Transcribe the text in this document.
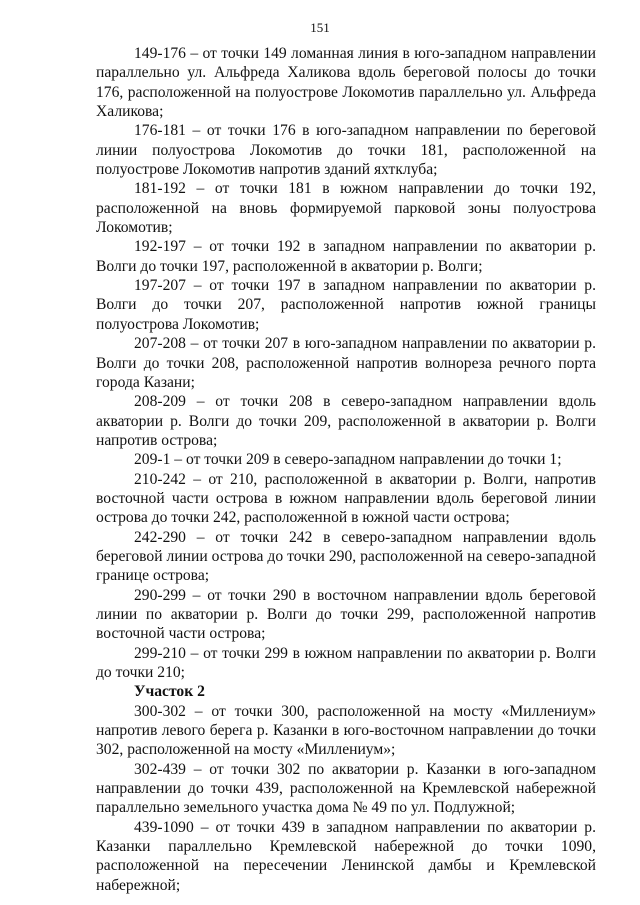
151

149-176 – от точки 149 ломанная линия в юго-западном направлении параллельно ул. Альфреда Халикова вдоль береговой полосы до точки 176, расположенной на полуострове Локомотив параллельно ул. Альфреда Халикова;

176-181 – от точки 176 в юго-западном направлении по береговой линии полуострова Локомотив до точки 181, расположенной на полуострове Локомотив напротив зданий яхтклуба;

181-192 – от точки 181 в южном направлении до точки 192, расположенной на вновь формируемой парковой зоны полуострова Локомотив;

192-197 – от точки 192 в западном направлении по акватории р. Волги до точки 197, расположенной в акватории р. Волги;

197-207 – от точки 197 в западном направлении по акватории р. Волги до точки 207, расположенной напротив южной границы полуострова Локомотив;

207-208 – от точки 207 в юго-западном направлении по акватории р. Волги до точки 208, расположенной напротив волнореза речного порта города Казани;

208-209 – от точки 208 в северо-западном направлении вдоль акватории р. Волги до точки 209, расположенной в акватории р. Волги напротив острова;

209-1 – от точки 209 в северо-западном направлении до точки 1;

210-242 – от 210, расположенной в акватории р. Волги, напротив восточной части острова в южном направлении вдоль береговой линии острова до точки 242, расположенной в южной части острова;

242-290 – от точки 242 в северо-западном направлении вдоль береговой линии острова до точки 290, расположенной на северо-западной границе острова;

290-299 – от точки 290 в восточном направлении вдоль береговой линии по акватории р. Волги до точки 299, расположенной напротив восточной части острова;

299-210 – от точки 299 в южном направлении по акватории р. Волги до точки 210;

Участок 2

300-302 – от точки 300, расположенной на мосту «Миллениум» напротив левого берега р. Казанки в юго-восточном направлении до точки 302, расположенной на мосту «Миллениум»;

302-439 – от точки 302 по акватории р. Казанки в юго-западном направлении до точки 439, расположенной на Кремлевской набережной параллельно земельного участка дома № 49 по ул. Подлужной;

439-1090 – от точки 439 в западном направлении по акватории р. Казанки параллельно Кремлевской набережной до точки 1090, расположенной на пересечении Ленинской дамбы и Кремлевской набережной;
